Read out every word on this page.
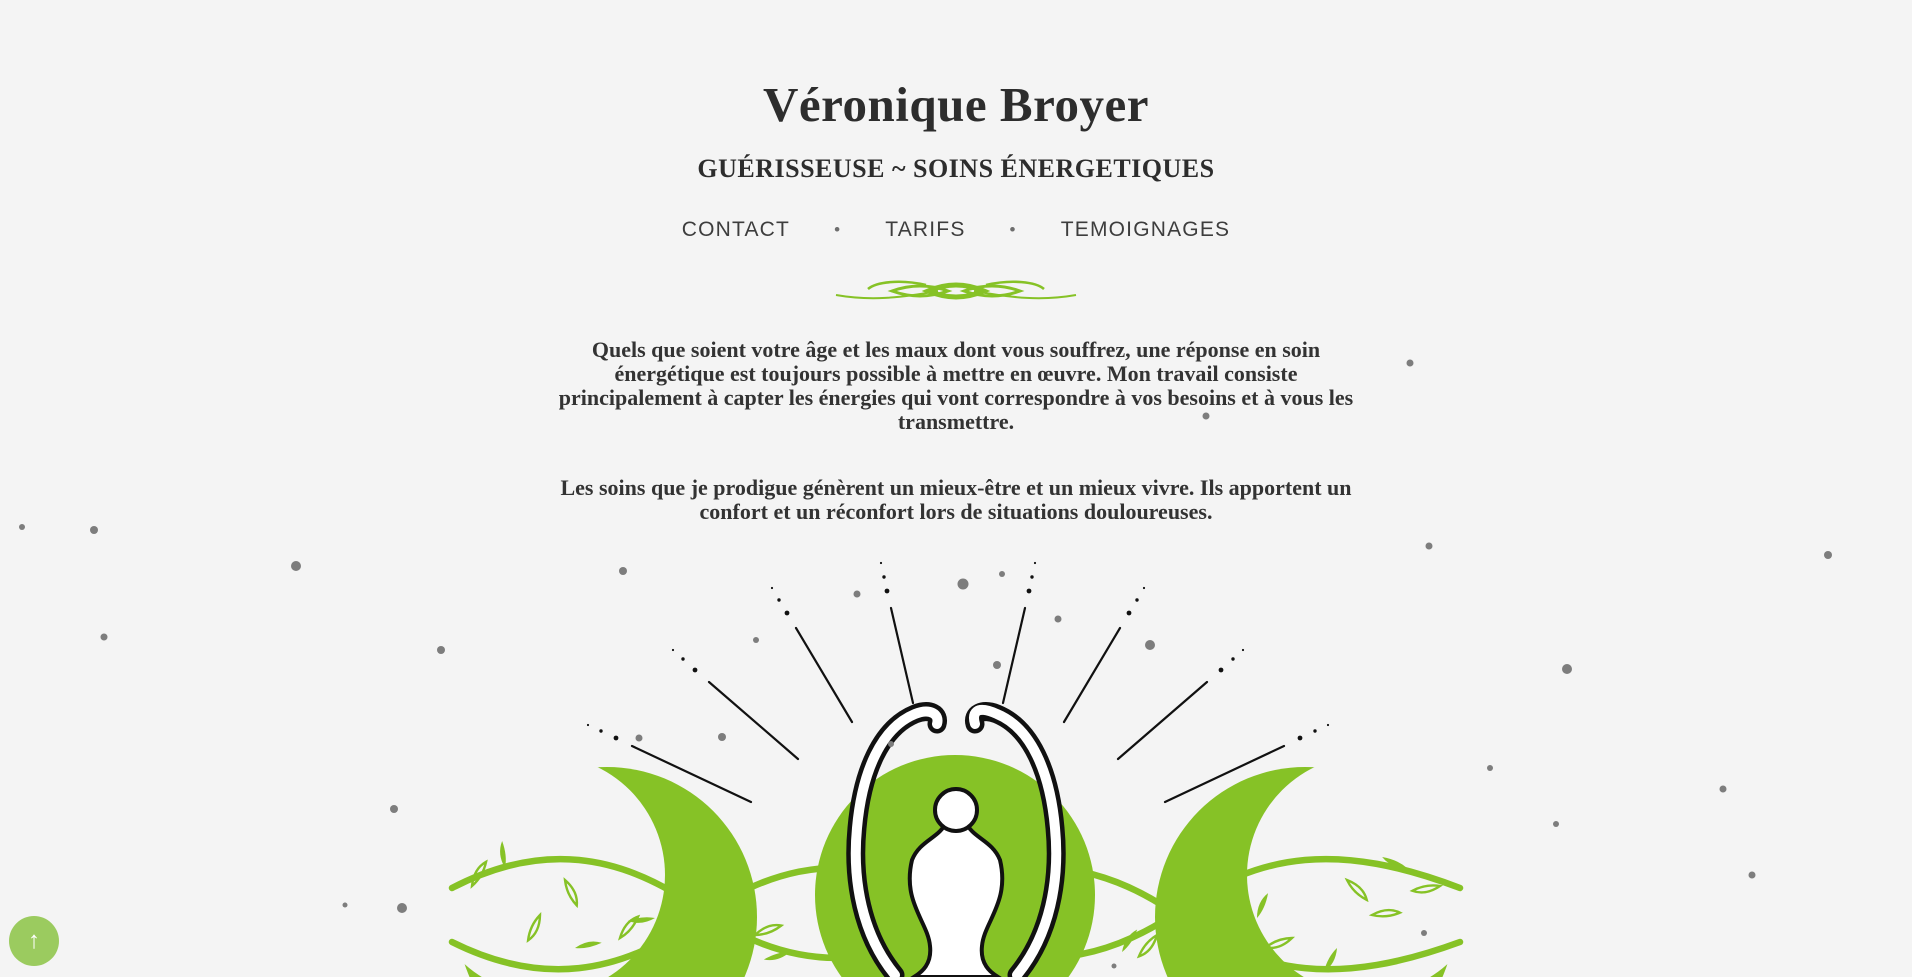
Véronique Broyer
GUÉRISSEUSE ~ SOINS ÉNERGETIQUES
CONTACT	• TARIFS	• TEMOIGNAGES

Quels que soient votre âge et les maux dont vous souffrez, une réponse en soin énergétique est toujours possible à mettre en œuvre. Mon travail consiste principalement à capter les énergies qui vont correspondre à vos besoins et à vous les transmettre.

Les soins que je prodigue génèrent un mieux-être et un mieux vivre. Ils apportent un confort et un réconfort lors de situations douloureuses.

↑
